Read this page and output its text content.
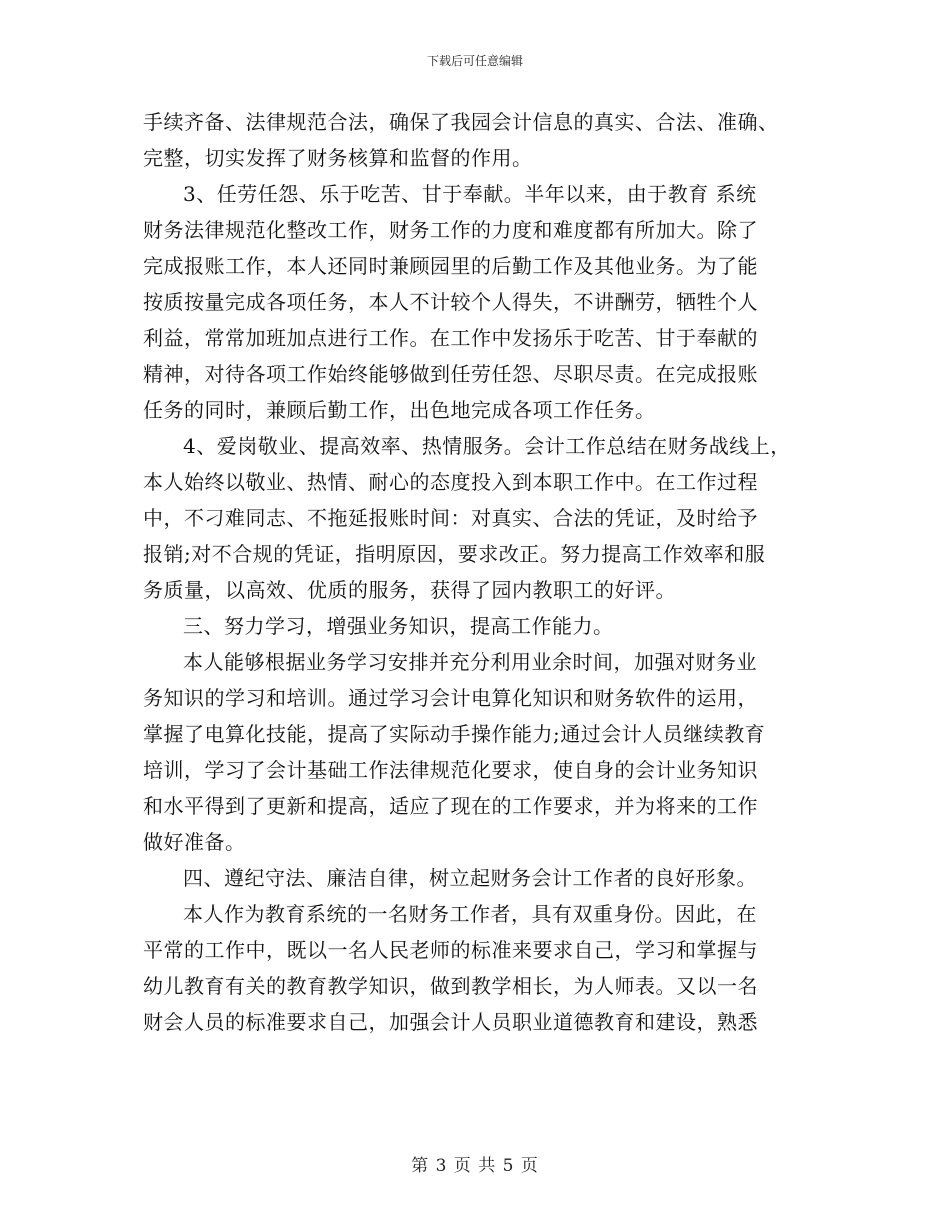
下载后可任意编辑
手续齐备、法律规范合法，确保了我园会计信息的真实、合法、准确、
完整，切实发挥了财务核算和监督的作用。
3、任劳任怨、乐于吃苦、甘于奉献。半年以来，由于教育 系统
财务法律规范化整改工作，财务工作的力度和难度都有所加大。除了
完成报账工作，本人还同时兼顾园里的后勤工作及其他业务。为了能
按质按量完成各项任务，本人不计较个人得失，不讲酬劳，牺牲个人
利益，常常加班加点进行工作。在工作中发扬乐于吃苦、甘于奉献的
精神，对待各项工作始终能够做到任劳任怨、尽职尽责。在完成报账
任务的同时，兼顾后勤工作，出色地完成各项工作任务。
4、爱岗敬业、提高效率、热情服务。会计工作总结在财务战线上，
本人始终以敬业、热情、耐心的态度投入到本职工作中。在工作过程
中，不刁难同志、不拖延报账时间：对真实、合法的凭证，及时给予
报销;对不合规的凭证，指明原因，要求改正。努力提高工作效率和服
务质量，以高效、优质的服务，获得了园内教职工的好评。
三、努力学习，增强业务知识，提高工作能力。
本人能够根据业务学习安排并充分利用业余时间，加强对财务业
务知识的学习和培训。通过学习会计电算化知识和财务软件的运用，
掌握了电算化技能，提高了实际动手操作能力;通过会计人员继续教育
培训，学习了会计基础工作法律规范化要求，使自身的会计业务知识
和水平得到了更新和提高，适应了现在的工作要求，并为将来的工作
做好准备。
四、遵纪守法、廉洁自律，树立起财务会计工作者的良好形象。
本人作为教育系统的一名财务工作者，具有双重身份。因此，在
平常的工作中，既以一名人民老师的标准来要求自己，学习和掌握与
幼儿教育有关的教育教学知识，做到教学相长，为人师表。又以一名
财会人员的标准要求自己，加强会计人员职业道德教育和建设，熟悉
第 3 页 共 5 页
